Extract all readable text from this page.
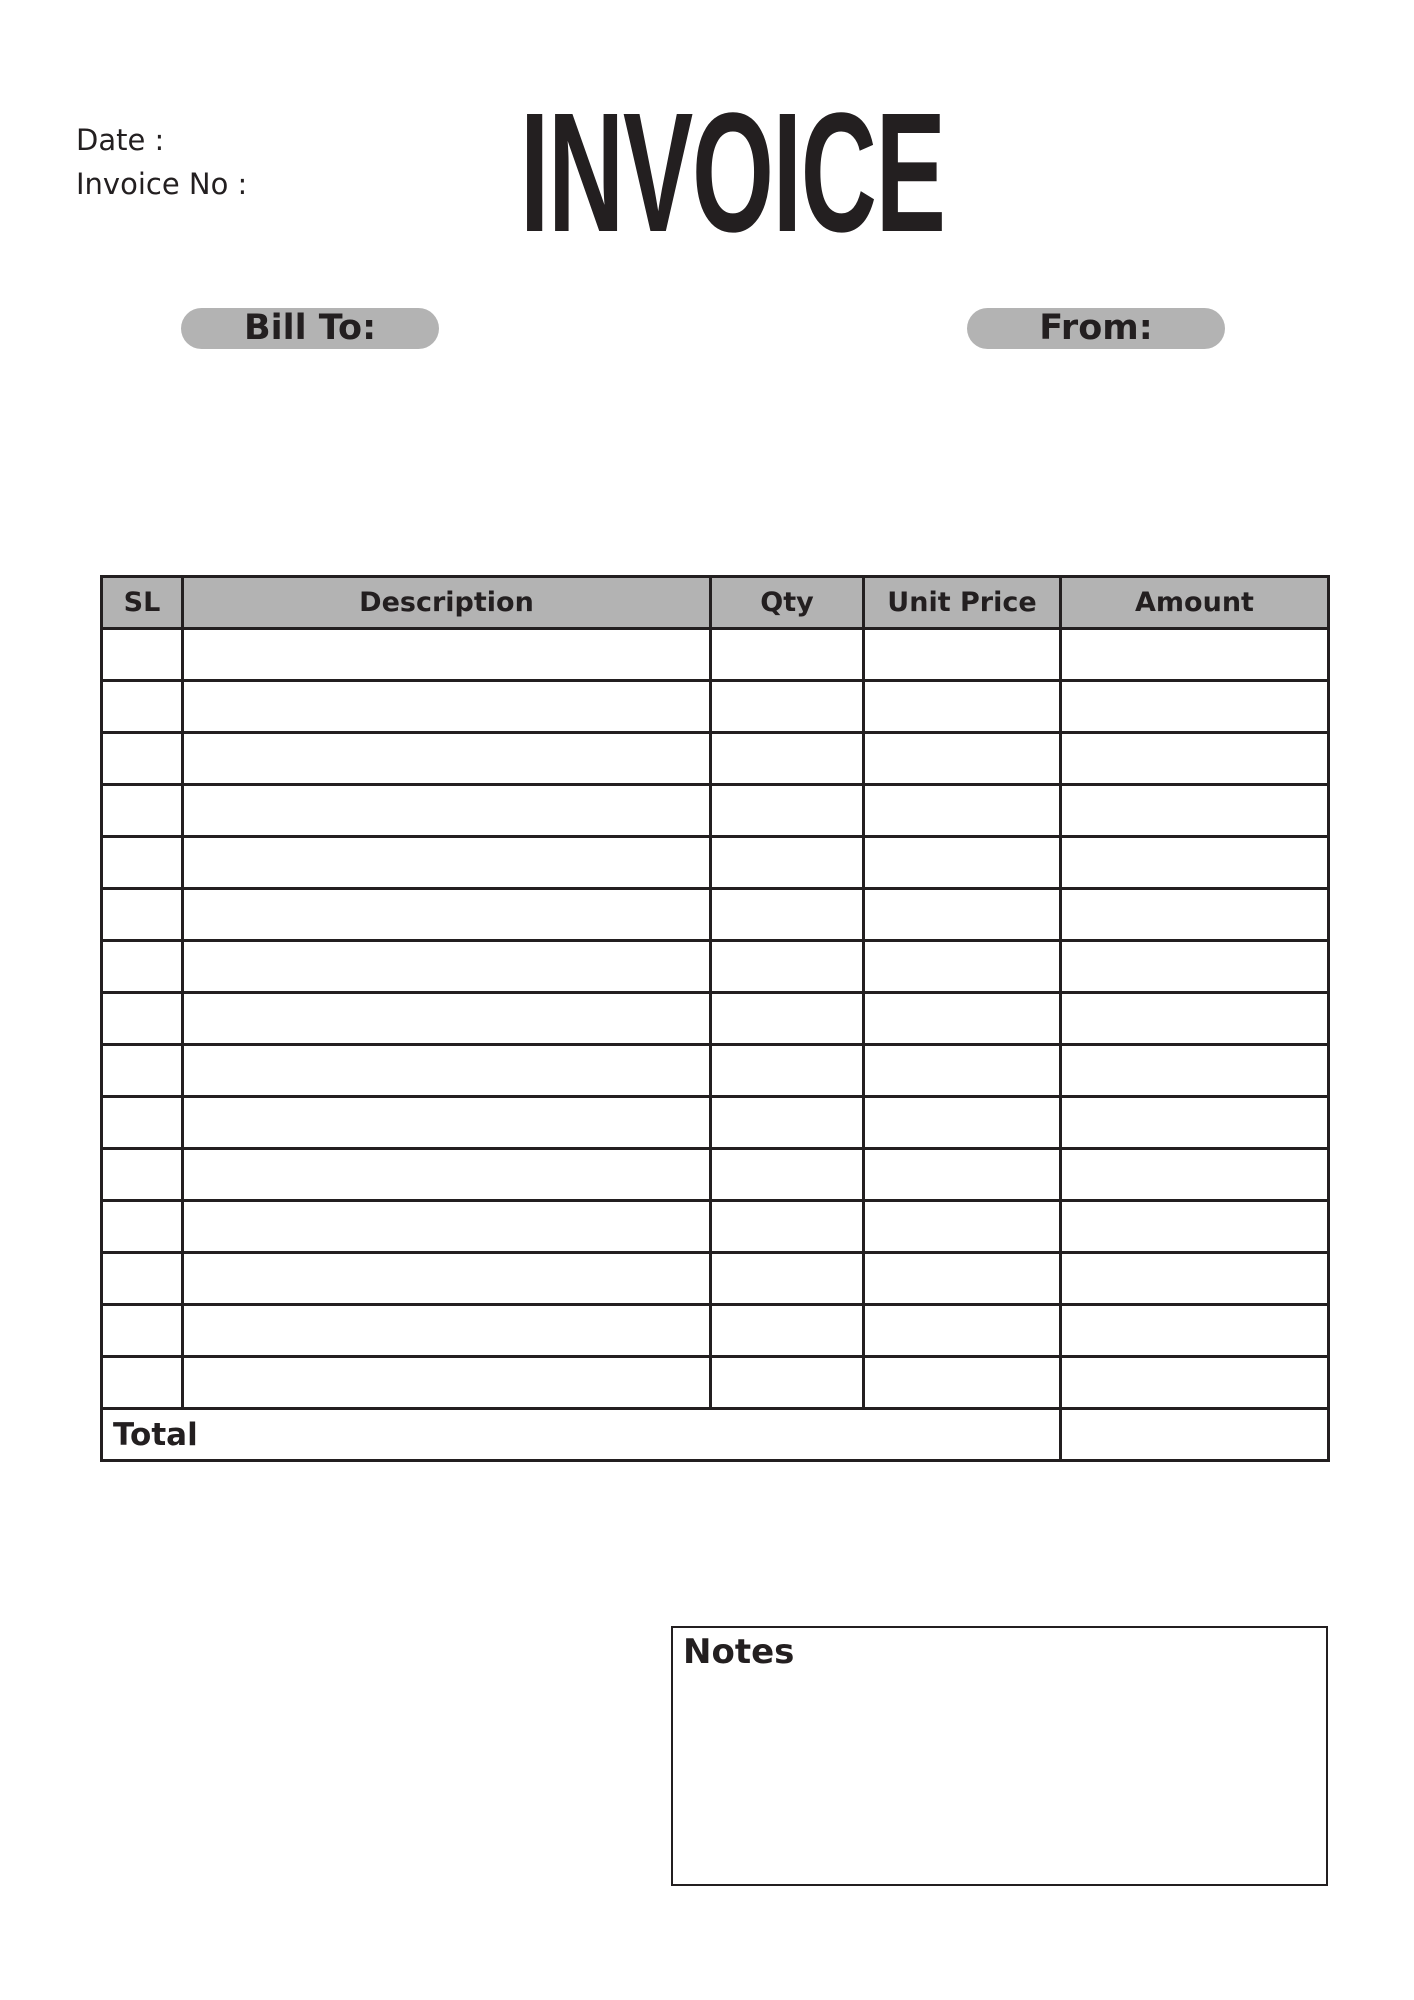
Date :
Invoice No : INVOICE
Bill To:	From:
SL	Description	Qty	Unit Price	Amount

Total				
Notes
